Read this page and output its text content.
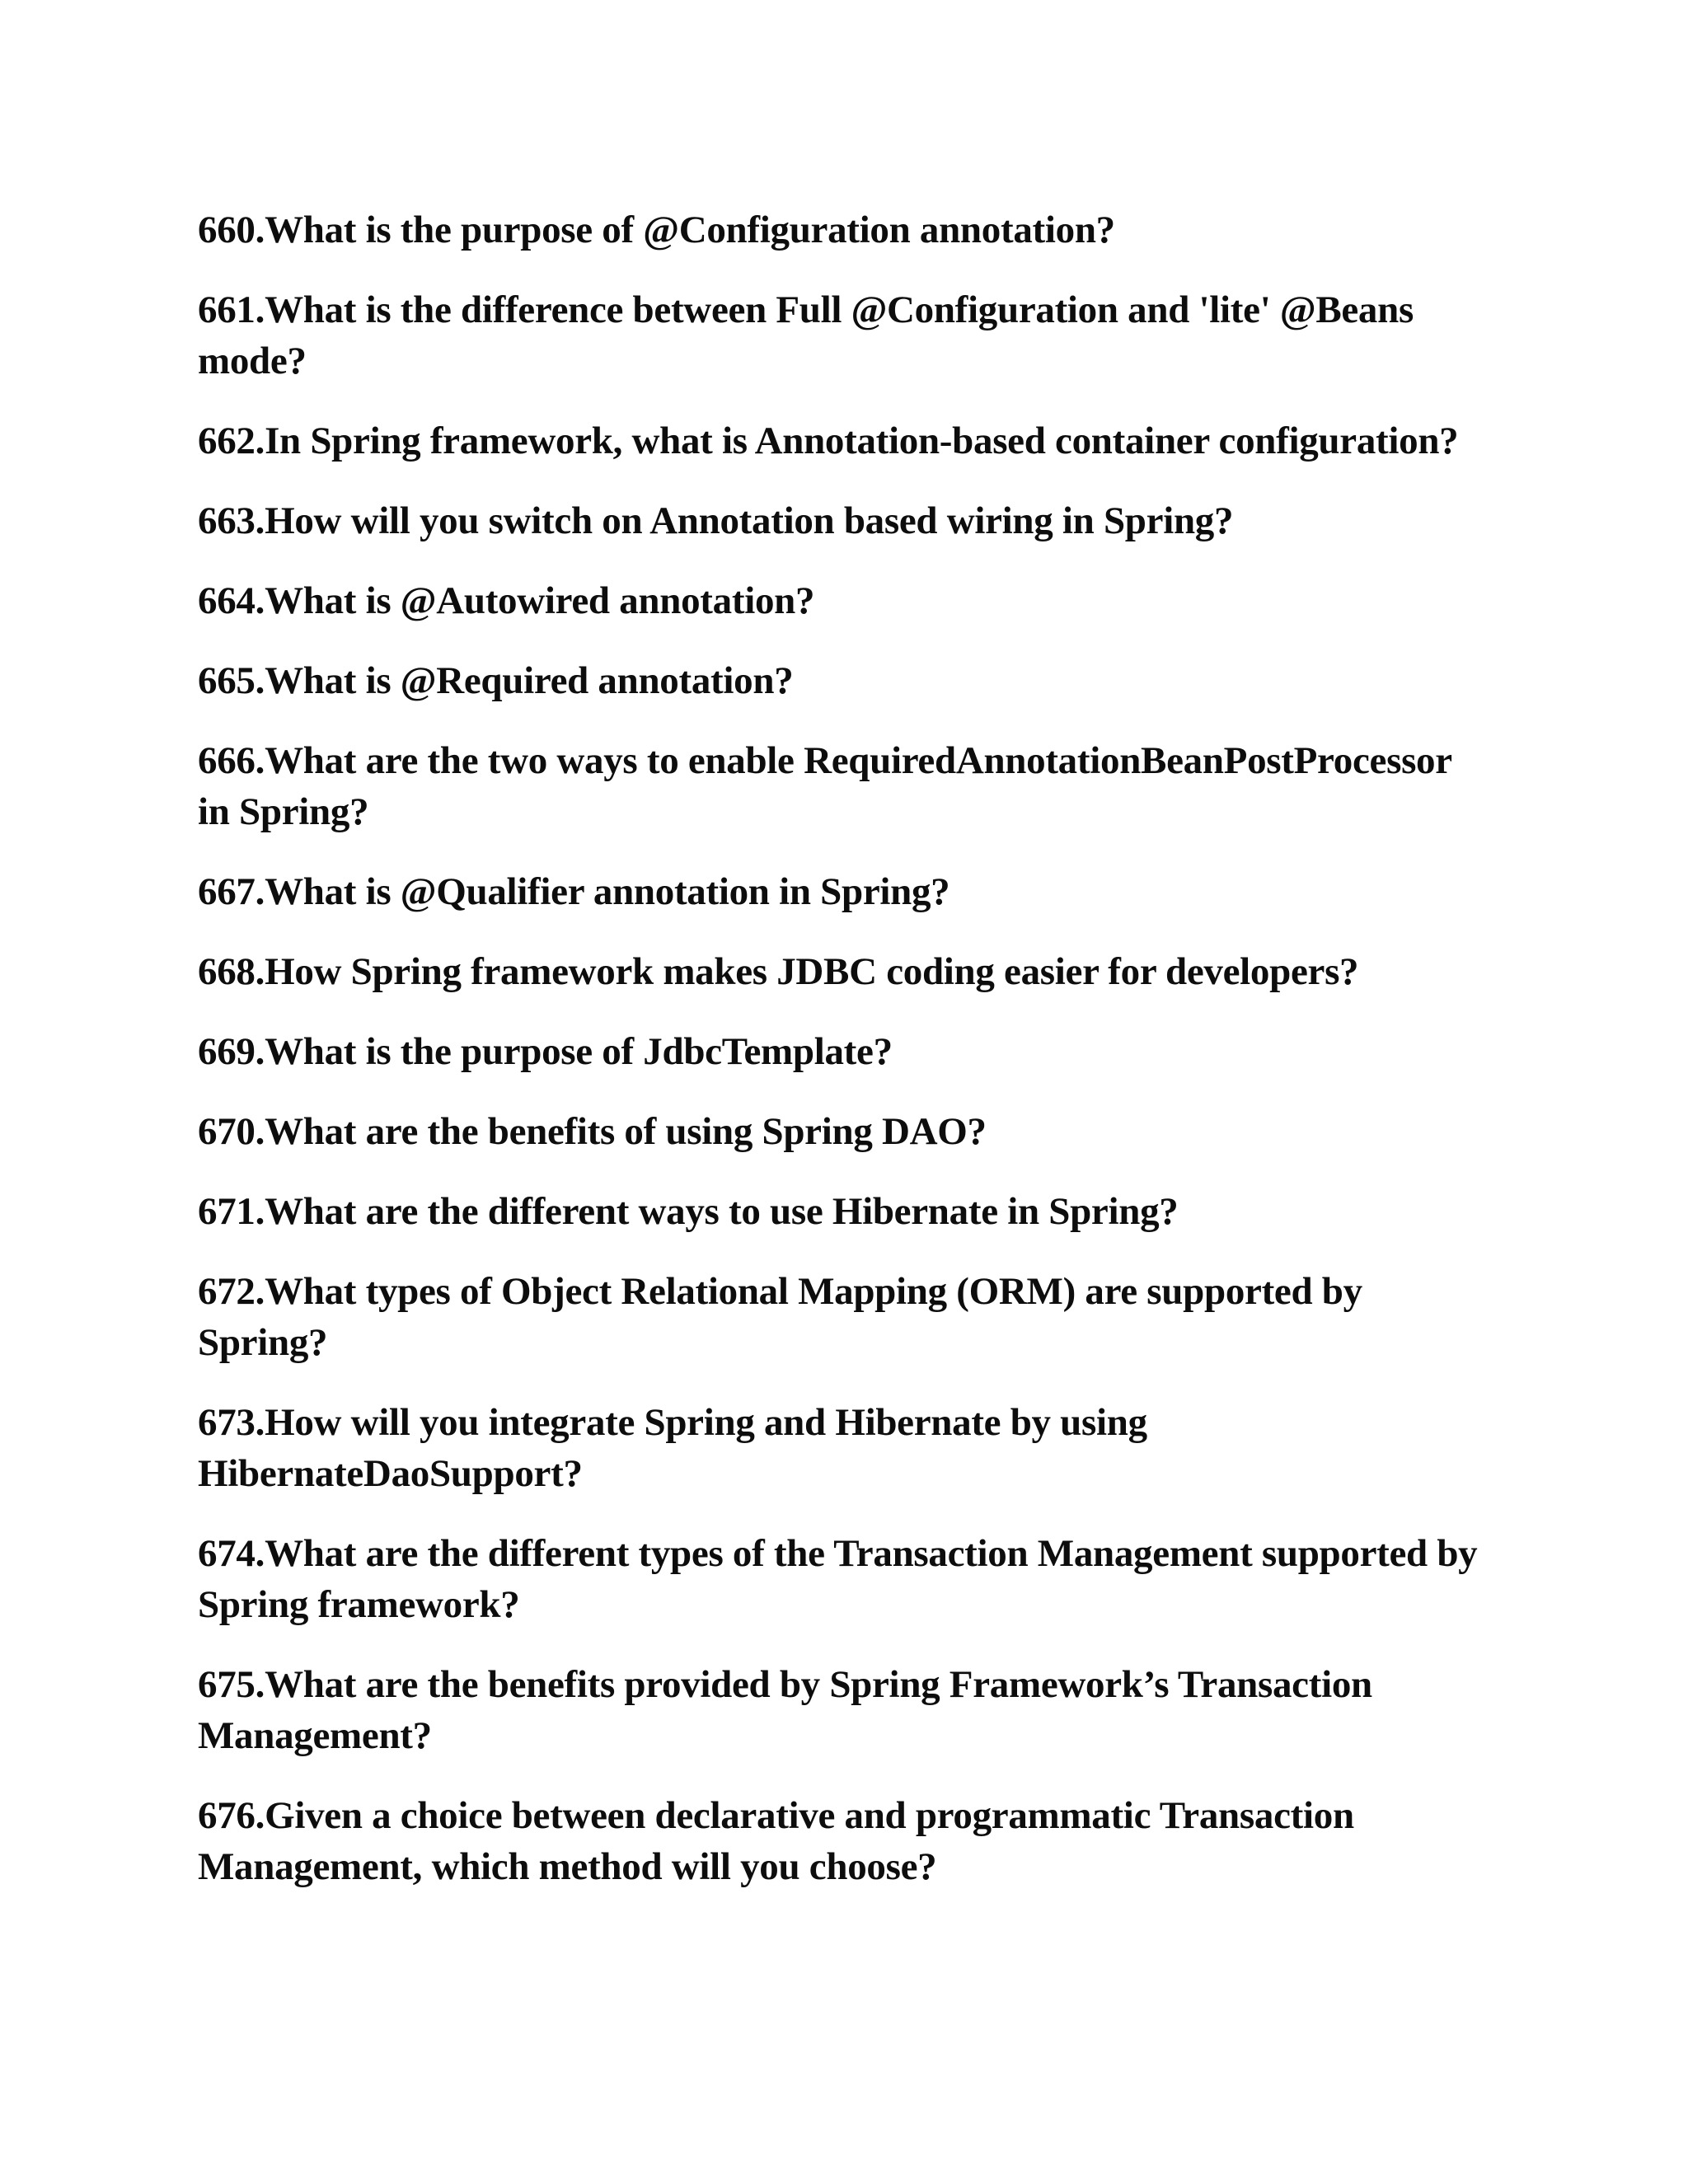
660.What is the purpose of @Configuration annotation?
661.What is the difference between Full @Configuration and 'lite' @Beans mode?
662.In Spring framework, what is Annotation-based container configuration?
663.How will you switch on Annotation based wiring in Spring?
664.What is @Autowired annotation?
665.What is @Required annotation?
666.What are the two ways to enable RequiredAnnotationBeanPostProcessor in Spring?
667.What is @Qualifier annotation in Spring?
668.How Spring framework makes JDBC coding easier for developers?
669.What is the purpose of JdbcTemplate?
670.What are the benefits of using Spring DAO?
671.What are the different ways to use Hibernate in Spring?
672.What types of Object Relational Mapping (ORM) are supported by Spring?
673.How will you integrate Spring and Hibernate by using HibernateDaoSupport?
674.What are the different types of the Transaction Management supported by Spring framework?
675.What are the benefits provided by Spring Framework’s Transaction Management?
676.Given a choice between declarative and programmatic Transaction Management, which method will you choose?
